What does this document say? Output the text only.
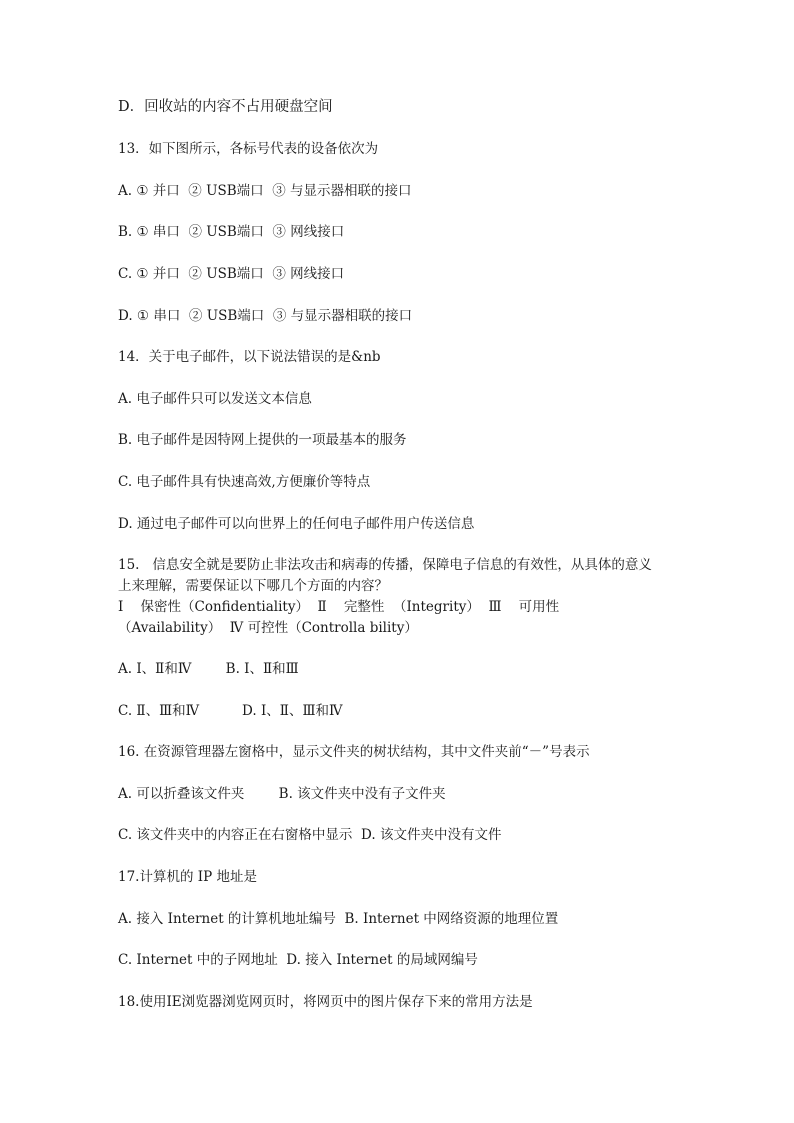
D．回收站的内容不占用硬盘空间
13．如下图所示，各标号代表的设备依次为
A. ① 并口  ② USB端口  ③ 与显示器相联的接口
B. ① 串口  ② USB端口  ③ 网线接口
C. ① 并口  ② USB端口  ③ 网线接口
D. ① 串口  ② USB端口  ③ 与显示器相联的接口
14．关于电子邮件，以下说法错误的是&nb
A. 电子邮件只可以发送文本信息
B. 电子邮件是因特网上提供的一项最基本的服务
C. 电子邮件具有快速高效,方便廉价等特点
D. 通过电子邮件可以向世界上的任何电子邮件用户传送信息
15.   信息安全就是要防止非法攻击和病毒的传播，保障电子信息的有效性，从具体的意义
上来理解，需要保证以下哪几个方面的内容？
Ⅰ    保密性（Confidentiality）  Ⅱ    完整性  （Integrity）  Ⅲ    可用性
（Availability）  Ⅳ 可控性（Controlla bility）
A. Ⅰ、Ⅱ和Ⅳ        B. Ⅰ、Ⅱ和Ⅲ
C. Ⅱ、Ⅲ和Ⅳ          D. Ⅰ、Ⅱ、Ⅲ和Ⅳ
16. 在资源管理器左窗格中，显示文件夹的树状结构，其中文件夹前“－”号表示
A. 可以折叠该文件夹        B. 该文件夹中没有子文件夹
C. 该文件夹中的内容正在右窗格中显示  D. 该文件夹中没有文件
17.计算机的 IP 地址是
A. 接入 Internet 的计算机地址编号  B. Internet 中网络资源的地理位置
C. Internet 中的子网地址  D. 接入 Internet 的局域网编号
18.使用IE浏览器浏览网页时，将网页中的图片保存下来的常用方法是
